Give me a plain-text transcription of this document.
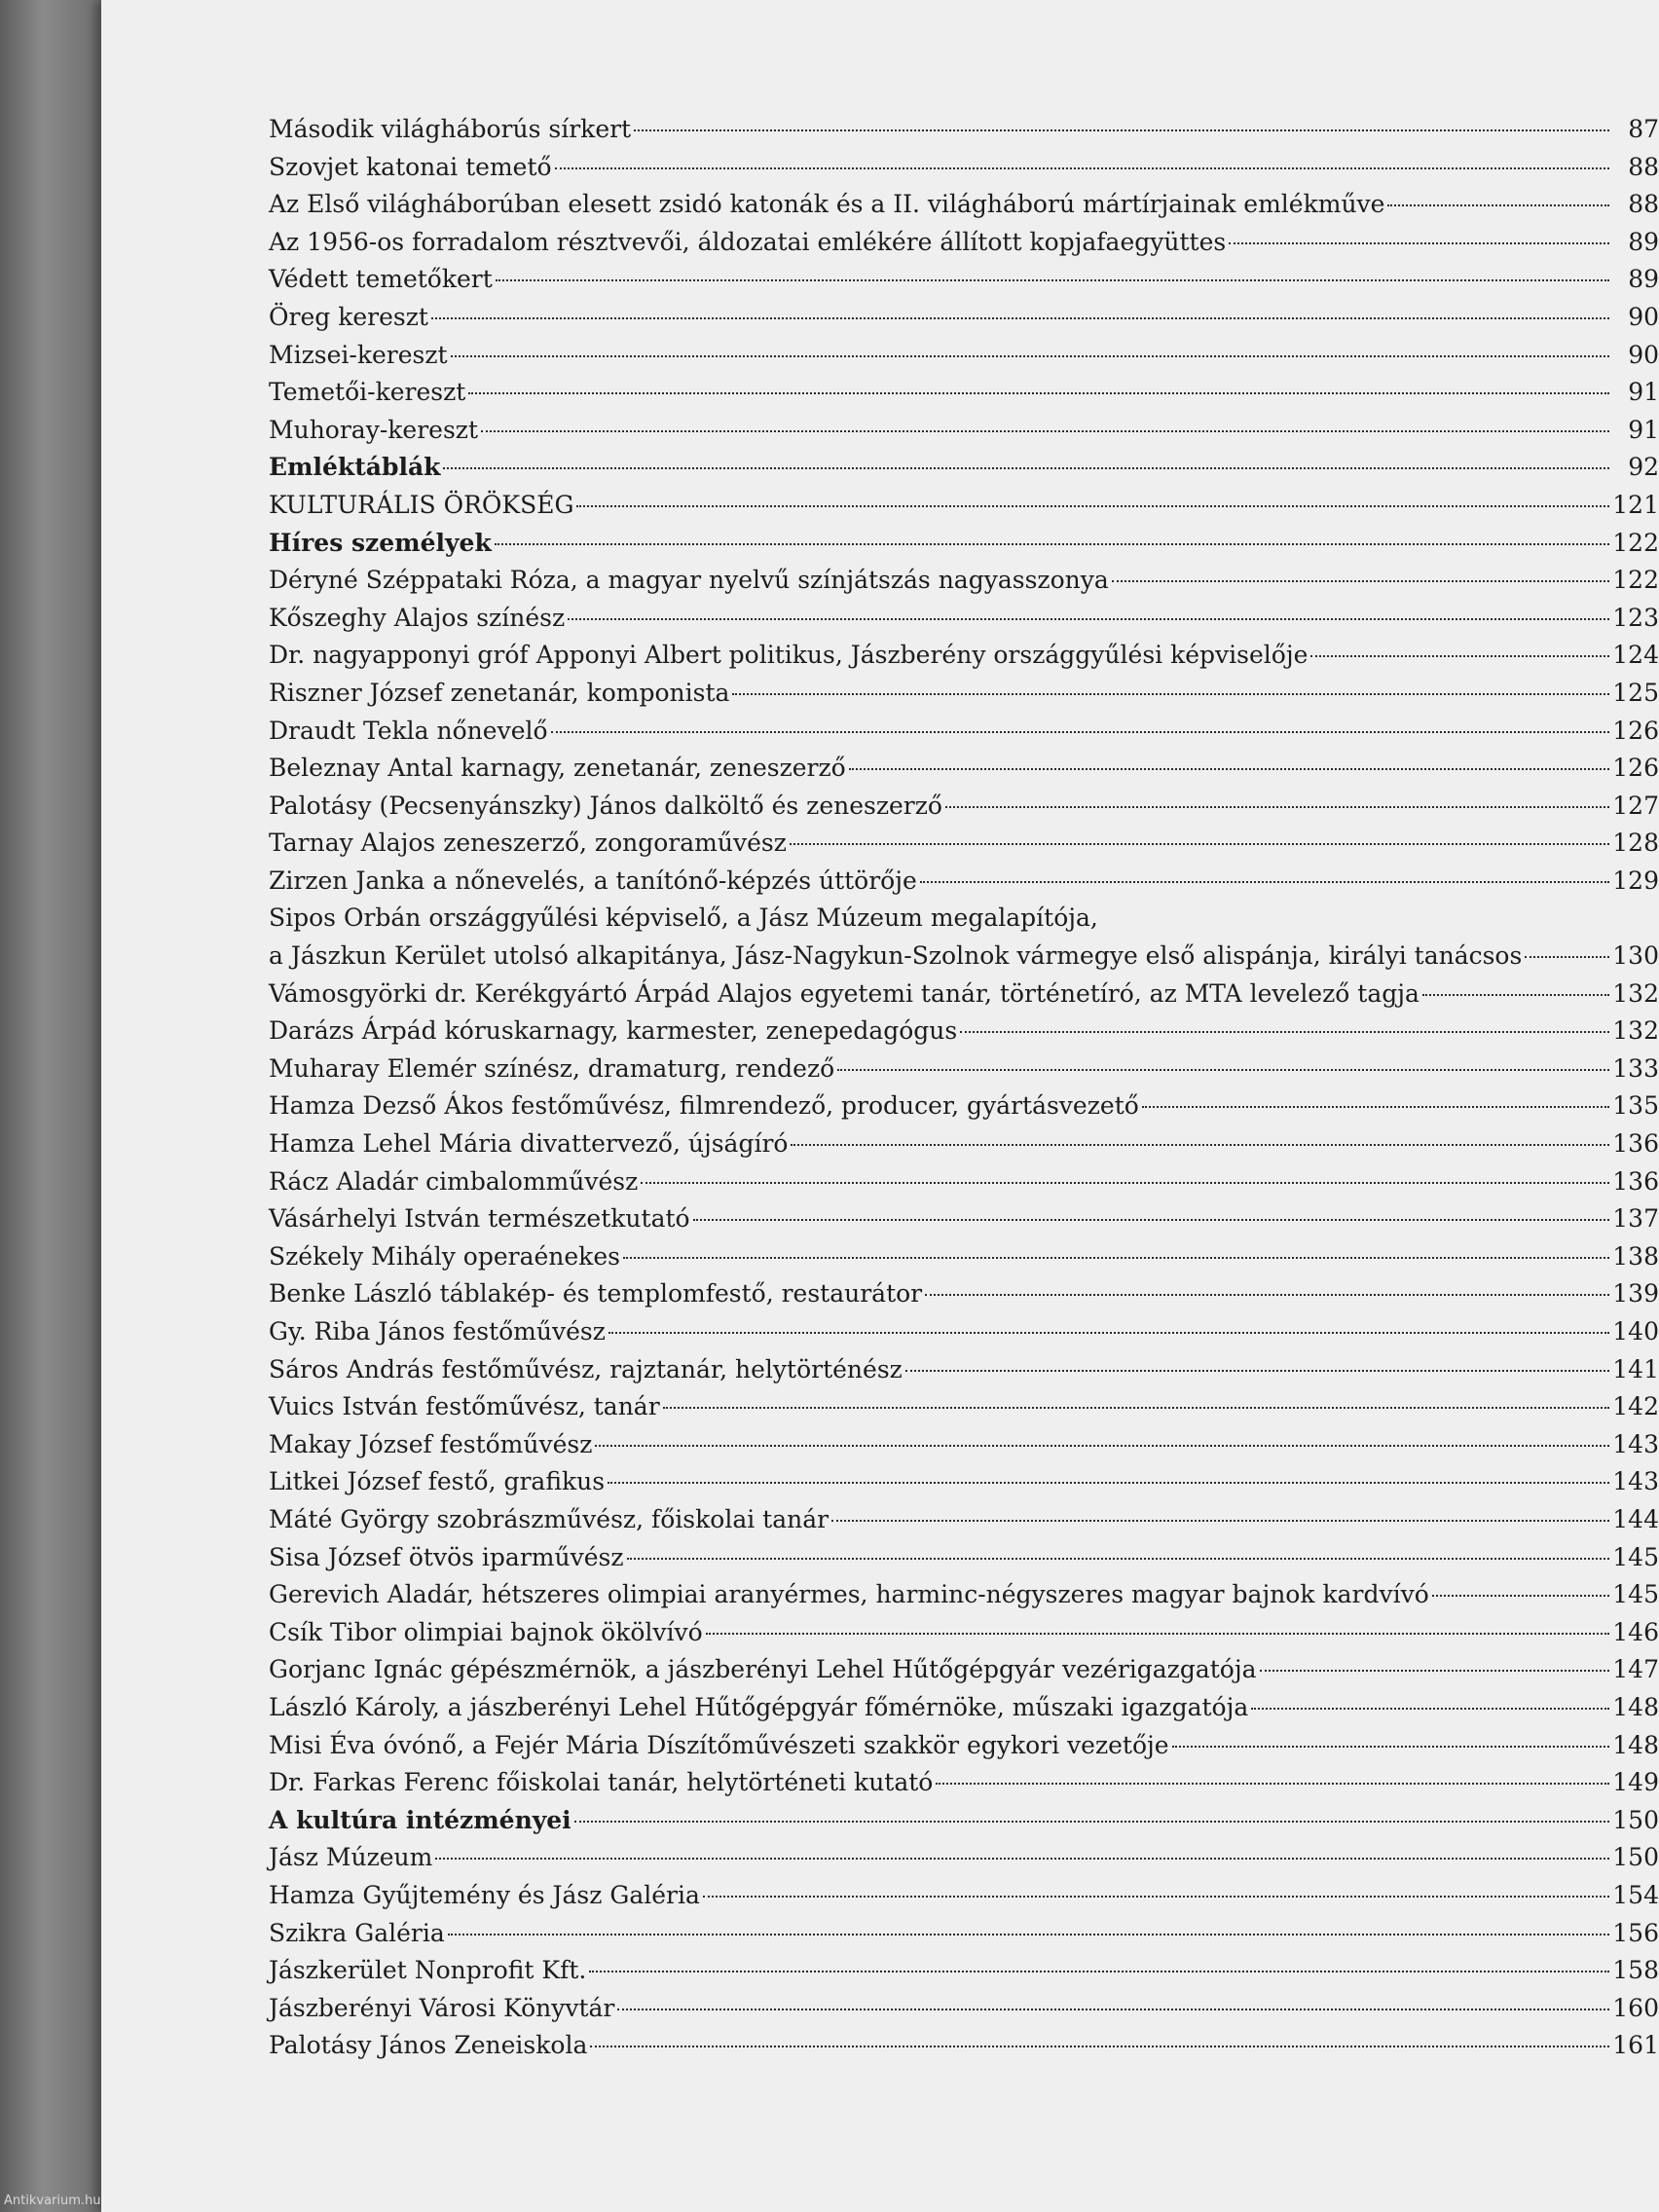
Második világháborús sírkert	87
Szovjet katonai temető	88
Az Első világháborúban elesett zsidó katonák és a II. világháború mártírjainak emlékműve	88
Az 1956-os forradalom résztvevői, áldozatai emlékére állított kopjafaegyüttes	89
Védett temetőkert	89
Öreg kereszt	90
Mizsei-kereszt	90
Temetői-kereszt	91
Muhoray-kereszt	91
Emléktáblák	92
KULTURÁLIS ÖRÖKSÉG	121
Híres személyek	122
Déryné Széppataki Róza, a magyar nyelvű színjátszás nagyasszonya	122
Kőszeghy Alajos színész	123
Dr. nagyapponyi gróf Apponyi Albert politikus, Jászberény országgyűlési képviselője	124
Riszner József zenetanár, komponista	125
Draudt Tekla nőnevelő	126
Beleznay Antal karnagy, zenetanár, zeneszerző	126
Palotásy (Pecsenyánszky) János dalköltő és zeneszerző	127
Tarnay Alajos zeneszerző, zongoraművész	128
Zirzen Janka a nőnevelés, a tanítónő-képzés úttörője	129
Sipos Orbán országgyűlési képviselő, a Jász Múzeum megalapítója,
a Jászkun Kerület utolsó alkapitánya, Jász-Nagykun-Szolnok vármegye első alispánja, királyi tanácsos	130
Vámosgyörki dr. Kerékgyártó Árpád Alajos egyetemi tanár, történetíró, az MTA levelező tagja	132
Darázs Árpád kóruskarnagy, karmester, zenepedagógus	132
Muharay Elemér színész, dramaturg, rendező	133
Hamza Dezső Ákos festőművész, filmrendező, producer, gyártásvezető	135
Hamza Lehel Mária divattervező, újságíró	136
Rácz Aladár cimbalomművész	136
Vásárhelyi István természetkutató	137
Székely Mihály operaénekes	138
Benke László táblakép- és templomfestő, restaurátor	139
Gy. Riba János festőművész	140
Sáros András festőművész, rajztanár, helytörténész	141
Vuics István festőművész, tanár	142
Makay József festőművész	143
Litkei József festő, grafikus	143
Máté György szobrászművész, főiskolai tanár	144
Sisa József ötvös iparművész	145
Gerevich Aladár, hétszeres olimpiai aranyérmes, harminc-négyszeres magyar bajnok kardvívó	145
Csík Tibor olimpiai bajnok ökölvívó	146
Gorjanc Ignác gépészmérnök, a jászberényi Lehel Hűtőgépgyár vezérigazgatója	147
László Károly, a jászberényi Lehel Hűtőgépgyár főmérnöke, műszaki igazgatója	148
Misi Éva óvónő, a Fejér Mária Díszítőművészeti szakkör egykori vezetője	148
Dr. Farkas Ferenc főiskolai tanár, helytörténeti kutató	149
A kultúra intézményei	150
Jász Múzeum	150
Hamza Gyűjtemény és Jász Galéria	154
Szikra Galéria	156
Jászkerület Nonprofit Kft.	158
Jászberényi Városi Könyvtár	160
Palotásy János Zeneiskola	161
Antikvarium.hu
